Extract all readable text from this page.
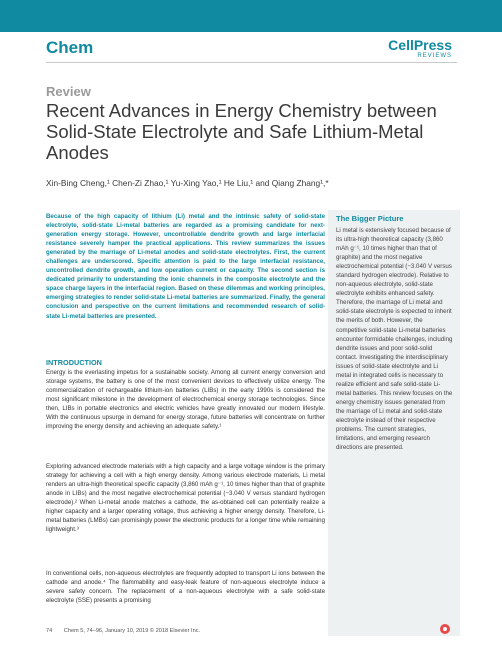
Chem	CellPress
REVIEWS
Review
Recent Advances in Energy Chemistry between Solid-State Electrolyte and Safe Lithium-Metal Anodes
Xin-Bing Cheng,¹ Chen-Zi Zhao,¹ Yu-Xing Yao,¹ He Liu,¹ and Qiang Zhang¹,*
Because of the high capacity of lithium (Li) metal and the intrinsic safety of solid-state electrolyte, solid-state Li-metal batteries are regarded as a promising candidate for next-generation energy storage. However, uncontrollable dendrite growth and large interfacial resistance severely hamper the practical applications. This review summarizes the issues generated by the marriage of Li-metal anodes and solid-state electrolytes. First, the current challenges are underscored. Specific attention is paid to the large interfacial resistance, uncontrolled dendrite growth, and low operation current or capacity. The second section is dedicated primarily to understanding the ionic channels in the composite electrolyte and the space charge layers in the interfacial region. Based on these dilemmas and working principles, emerging strategies to render solid-state Li-metal batteries are summarized. Finally, the general conclusion and perspective on the current limitations and recommended research of solid-state Li-metal batteries are presented.
INTRODUCTION
Energy is the everlasting impetus for a sustainable society. Among all current energy conversion and storage systems, the battery is one of the most convenient devices to effectively utilize energy. The commercialization of rechargeable lithium-ion batteries (LIBs) in the early 1990s is considered the most significant milestone in the development of electrochemical energy storage technologies. Since then, LIBs in portable electronics and electric vehicles have greatly innovated our modern lifestyle. With the continuous upsurge in demand for energy storage, future batteries will concentrate on further improving the energy density and achieving an adequate safety.¹
Exploring advanced electrode materials with a high capacity and a large voltage window is the primary strategy for achieving a cell with a high energy density. Among various electrode materials, Li metal renders an ultra-high theoretical specific capacity (3,860 mAh g⁻¹, 10 times higher than that of graphite anode in LIBs) and the most negative electrochemical potential (−3.040 V versus standard hydrogen electrode).² When Li-metal anode matches a cathode, the as-obtained cell can potentially realize a higher capacity and a larger operating voltage, thus achieving a higher energy density. Therefore, Li-metal batteries (LMBs) can promisingly power the electronic products for a longer time while remaining lightweight.³
In conventional cells, non-aqueous electrolytes are frequently adopted to transport Li ions between the cathode and anode.⁴ The flammability and easy-leak feature of non-aqueous electrolyte induce a severe safety concern. The replacement of a non-aqueous electrolyte with a safe solid-state electrolyte (SSE) presents a promising
The Bigger Picture
Li metal is extensively focused because of its ultra-high theoretical capacity (3,860 mAh g⁻¹, 10 times higher than that of graphite) and the most negative electrochemical potential (−3.040 V versus standard hydrogen electrode). Relative to non-aqueous electrolyte, solid-state electrolyte exhibits enhanced safety. Therefore, the marriage of Li metal and solid-state electrolyte is expected to inherit the merits of both. However, the competitive solid-state Li-metal batteries encounter formidable challenges, including dendrite issues and poor solid-solid contact. Investigating the interdisciplinary issues of solid-state electrolyte and Li metal in integrated cells is necessary to realize efficient and safe solid-state Li-metal batteries. This review focuses on the energy chemistry issues generated from the marriage of Li metal and solid-state electrolyte instead of their respective problems. The current strategies, limitations, and emerging research directions are presented.
74 Chem 5, 74–96, January 10, 2019 © 2018 Elsevier Inc.
